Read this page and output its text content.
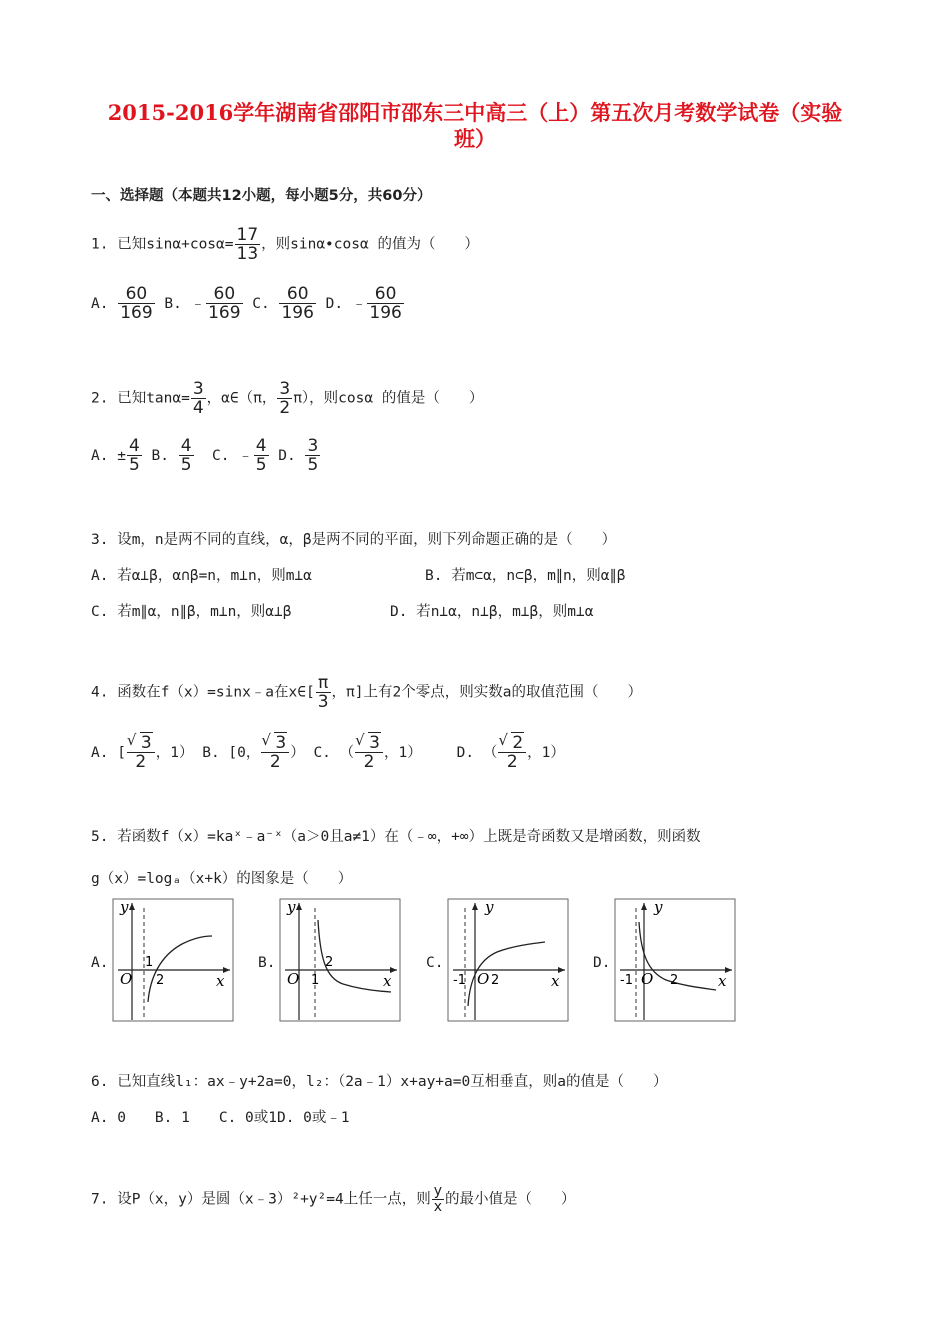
2015-2016学年湖南省邵阳市邵东三中高三（上）第五次月考数学试卷（实验
班）
一、选择题（本题共12小题，每小题5分，共60分）
1. 已知$\sin\alpha+\cos\alpha= \frac{17}{13}$ ，则sinα•cosα 的值为（　　）
A. $\frac{60}{169} B$. ﹣ $\frac{60}{169} C$. $\frac{60}{196} D$. ﹣ $\frac{60}{196}$
2. 已知$\tan\alpha= \frac{3}{4}$ ，α∈（π， $\frac{3}{2} \pi$），则cosα 的值是（　　）
A. ± $\frac{4}{5} B$. $\frac{4}{5} C$. ﹣ $\frac{4}{5} D$. $\frac{3}{5}$
3. 设m，n是两不同的直线，α，β是两不同的平面，则下列命题正确的是（　　）
A. 若α⊥β，α∩β=n，m⊥n，则m⊥α	B. 若m⊂α，n⊂β，m∥n，则α∥β
C. 若m∥α，n∥β，m⊥n，则α⊥β	D. 若n⊥α，n⊥β，m⊥β，则m⊥α
4. 函数在f（x）=sinx﹣a在x∈[ $\frac{\pi}{3}$ ，π]上有2个零点，则实数a的取值范围（　　）
A. [ √ $\frac{3}{2}$ ，1） B. [0， √ $\frac{3}{2}$ ） C. （ √ $\frac{3}{2}$ ，1） D. （ √ $\frac{2}{2}$ ，1）
5. 若函数f（x）=kaˣ﹣a⁻ˣ（a＞0且a≠1）在（﹣∞，+∞）上既是奇函数又是增函数，则函数
g（x）=logₐ（x+k）的图象是（　　）
A.	B.	C.	D.
y
x
O
1
2
y
x
O 1
2
y
x
O
-1 2
y
x
O
-1	2
6. 已知直线l₁：ax﹣y+2a=0，l₂：（2a﹣1）x+ay+a=0互相垂直，则a的值是（　　）
A. 0　　B. 1　　C. 0或1D. 0或﹣1
7. 设P（x，y）是圆（x﹣3）²+y²=4上任一点，则 $\frac{y}{x}$ 的最小值是（　　）
